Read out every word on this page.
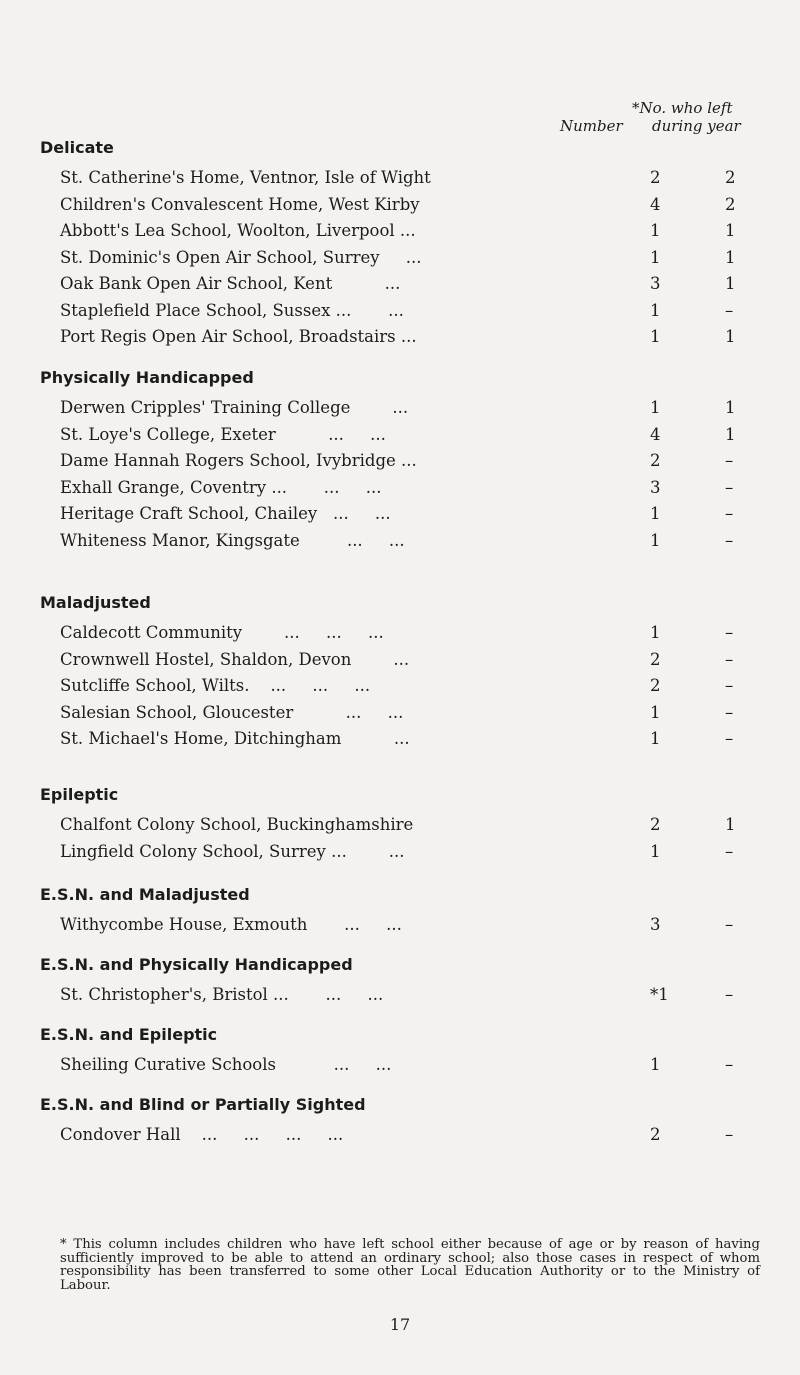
*No. who left
Number during year
Delicate
St. Catherine's Home, Ventnor, Isle of Wight	2	2
Children's Convalescent Home, West Kirby	4	2
Abbott's Lea School, Woolton, Liverpool ...	1	1
St. Dominic's Open Air School, Surrey     ...	1	1
Oak Bank Open Air School, Kent          ...	3	1
Staplefield Place School, Sussex ...       ...	1	–
Port Regis Open Air School, Broadstairs ...	1	1
Physically Handicapped
Derwen Cripples' Training College        ...	1	1
St. Loye's College, Exeter          ...     ...	4	1
Dame Hannah Rogers School, Ivybridge ...	2	–
Exhall Grange, Coventry ...       ...     ...	3	–
Heritage Craft School, Chailey   ...     ...	1	–
Whiteness Manor, Kingsgate         ...     ...	1	–
Maladjusted
Caldecott Community        ...     ...     ...	1	–
Crownwell Hostel, Shaldon, Devon        ...	2	–
Sutcliffe School, Wilts.    ...     ...     ...	2	–
Salesian School, Gloucester          ...     ...	1	–
St. Michael's Home, Ditchingham          ...	1	–
Epileptic
Chalfont Colony School, Buckinghamshire	2	1
Lingfield Colony School, Surrey ...        ...	1	–
E.S.N. and Maladjusted
Withycombe House, Exmouth       ...     ...	3	–
E.S.N. and Physically Handicapped
St. Christopher's, Bristol ...       ...     ...	*1	–
E.S.N. and Epileptic
Sheiling Curative Schools           ...     ...	1	–
E.S.N. and Blind or Partially Sighted
Condover Hall    ...     ...     ...     ...	2	–
* This column includes children who have left school either because of age or by reason of having sufficiently improved to be able to attend an ordinary school; also those cases in respect of whom responsibility has been transferred to some other Local Education Authority or to the Ministry of Labour.
17
